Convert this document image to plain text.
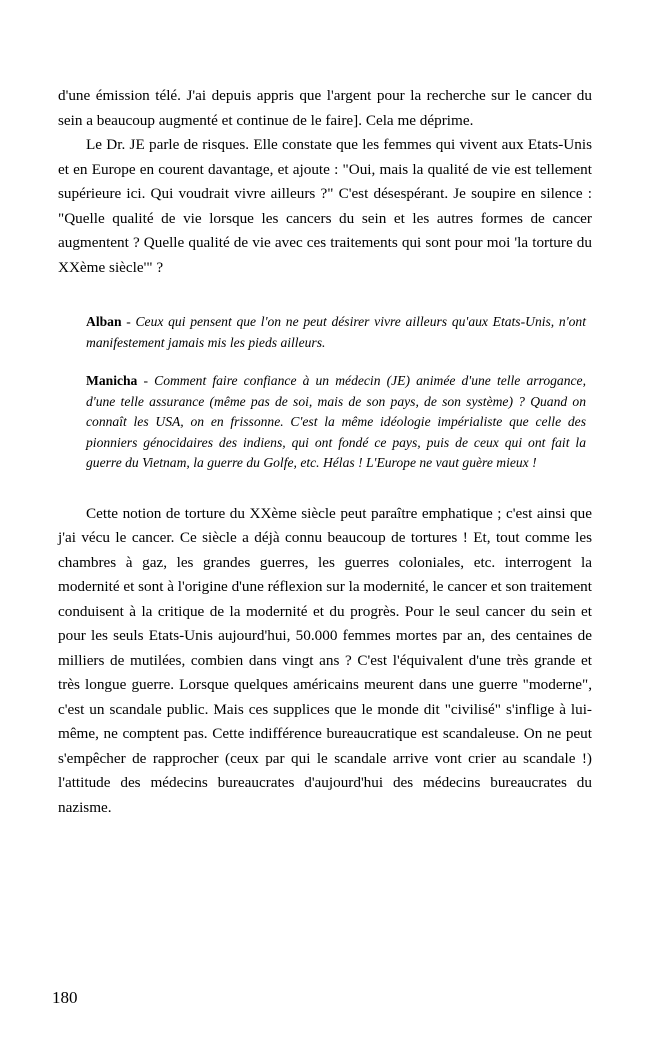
d'une émission télé. J'ai depuis appris que l'argent pour la recherche sur le cancer du sein a beaucoup augmenté et continue de le faire]. Cela me déprime.

Le Dr. JE parle de risques. Elle constate que les femmes qui vivent aux Etats-Unis et en Europe en courent davantage, et ajoute : "Oui, mais la qualité de vie est tellement supérieure ici. Qui voudrait vivre ailleurs ?" C'est désespérant. Je soupire en silence : "Quelle qualité de vie lorsque les cancers du sein et les autres formes de cancer augmentent ? Quelle qualité de vie avec ces traitements qui sont pour moi 'la torture du XXème siècle'" ?

Alban - Ceux qui pensent que l'on ne peut désirer vivre ailleurs qu'aux Etats-Unis, n'ont manifestement jamais mis les pieds ailleurs.

Manicha - Comment faire confiance à un médecin (JE) animée d'une telle arrogance, d'une telle assurance (même pas de soi, mais de son pays, de son système) ? Quand on connaît les USA, on en frissonne. C'est la même idéologie impérialiste que celle des pionniers génocidaires des indiens, qui ont fondé ce pays, puis de ceux qui ont fait la guerre du Vietnam, la guerre du Golfe, etc. Hélas ! L'Europe ne vaut guère mieux !

Cette notion de torture du XXème siècle peut paraître emphatique ; c'est ainsi que j'ai vécu le cancer. Ce siècle a déjà connu beaucoup de tortures ! Et, tout comme les chambres à gaz, les grandes guerres, les guerres coloniales, etc. interrogent la modernité et sont à l'origine d'une réflexion sur la modernité, le cancer et son traitement conduisent à la critique de la modernité et du progrès. Pour le seul cancer du sein et pour les seuls Etats-Unis aujourd'hui, 50.000 femmes mortes par an, des centaines de milliers de mutilées, combien dans vingt ans ? C'est l'équivalent d'une très grande et très longue guerre. Lorsque quelques américains meurent dans une guerre "moderne", c'est un scandale public. Mais ces supplices que le monde dit "civilisé" s'inflige à lui-même, ne comptent pas. Cette indifférence bureaucratique est scandaleuse. On ne peut s'empêcher de rapprocher (ceux par qui le scandale arrive vont crier au scandale !) l'attitude des médecins bureaucrates d'aujourd'hui des médecins bureaucrates du nazisme.

180
